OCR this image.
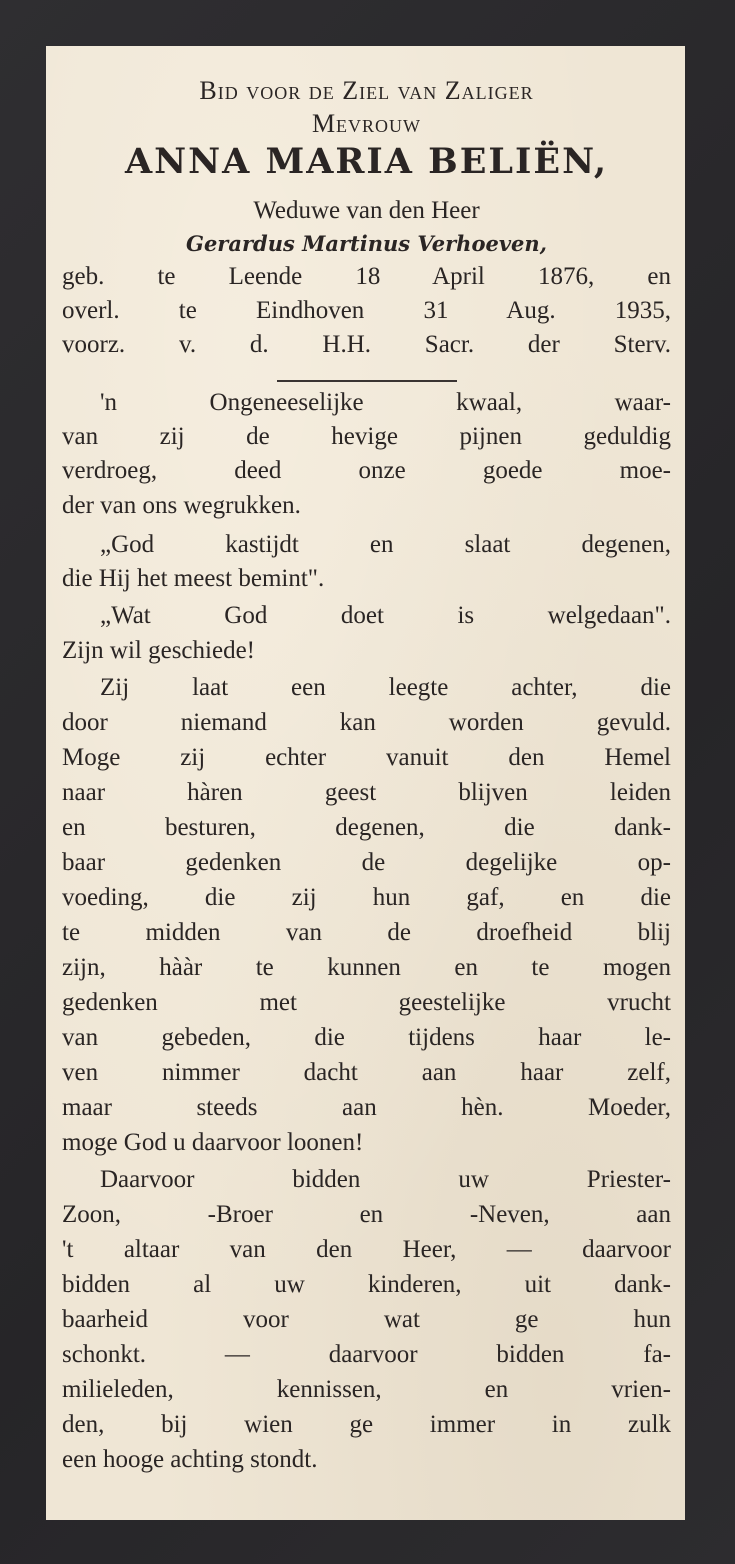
Bid voor de Ziel van Zaliger
Mevrouw
ANNA MARIA BELIËN,
Weduwe van den Heer
Gerardus Martinus Verhoeven,
geb. te Leende 18 April 1876, en
overl. te Eindhoven 31 Aug. 1935,
voorz. v. d. H.H. Sacr. der Sterv.
'n Ongeneeselijke kwaal, waar-
van zij de hevige pijnen geduldig
verdroeg, deed onze goede moe-
der van ons wegrukken.
„God kastijdt en slaat degenen,
die Hij het meest bemint".
„Wat God doet is welgedaan".
Zijn wil geschiede!
Zij laat een leegte achter, die
door niemand kan worden gevuld.
Moge zij echter vanuit den Hemel
naar hàren geest blijven leiden
en besturen, degenen, die dank-
baar gedenken de degelijke op-
voeding, die zij hun gaf, en die
te midden van de droefheid blij
zijn, hààr te kunnen en te mogen
gedenken met geestelijke vrucht
van gebeden, die tijdens haar le-
ven nimmer dacht aan haar zelf,
maar steeds aan hèn. Moeder,
moge God u daarvoor loonen!
Daarvoor bidden uw Priester-
Zoon, -Broer en -Neven, aan
't altaar van den Heer, — daarvoor
bidden al uw kinderen, uit dank-
baarheid voor wat ge hun
schonkt. — daarvoor bidden fa-
milieleden, kennissen, en vrien-
den, bij wien ge immer in zulk
een hooge achting stondt.
